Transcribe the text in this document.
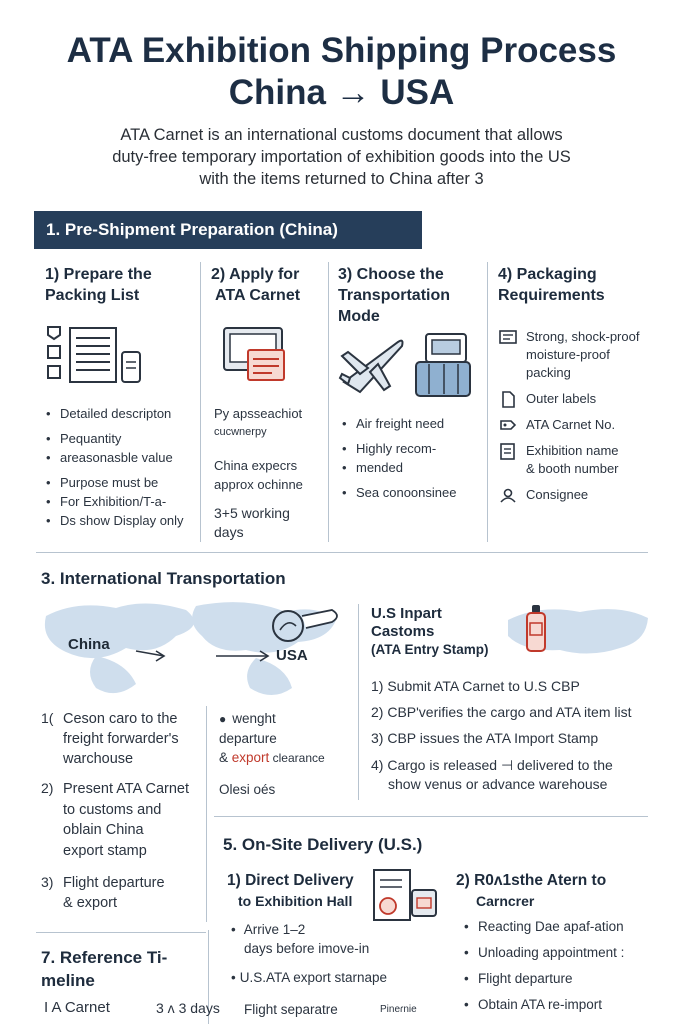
ATA Exhibition Shipping Process
China → USA
ATA Carnet is an international customs document that allows
duty-free temporary importation of exhibition goods into the US
with the items returned to China after 3
1. Pre-Shipment Preparation (China)
1) Prepare the
Packing List
• Detailed descripton
• Pequantity
• areasonasble value
• Purpose must be
• For Exhibition/T-a-
• Ds show Display only
2) Apply for
ATA Carnet
Py apsseachiot
cucwnerpy
China expecrs
approx ochinne
3+5 working
days
3) Choose the
Transportation
Mode
• Air freight need
• Highly recom-
• mended
• Sea conoonsinee
4) Packaging
Requirements
Strong, shock-proof
moisture-proof
packing
Outer labels
ATA Carnet No.
Exhibition name
& booth number
Consignee
3. International Transportation
China
USA
1( Ceson caro to the
freight forwarder's
warchouse
2) Present ATA Carnet
to customs and
oblain China
export stamp
3) Flight departure
& export
● wenght
departure
& export clearance
Olesi oés
U.S Inpart
Castoms
(ATA Entry Stamp)
1) Submit ATA Carnet to U.S CBP
2) CBP'verifies the cargo and ATA item list
3) CBP issues the ATA Import Stamp
4) Cargo is released ⊣ delivered to the
show venus or advance warehouse
5. On-Site Delivery (U.S.)
1) Direct Delivery
to Exhibition Hall
• Arrive 1–2
days before imove-in
• U.S.ATA export starnape
2) R0ʌ1sthe Atern to
Carncrer
• Reacting Dae apaf-ation
• Unloading appointment :
• Flight departure
• Obtain ATA re-import
7. Reference Ti-
meline
I A Carnet	3 ʌ 3 days Flight separatre	Pineɾnie
